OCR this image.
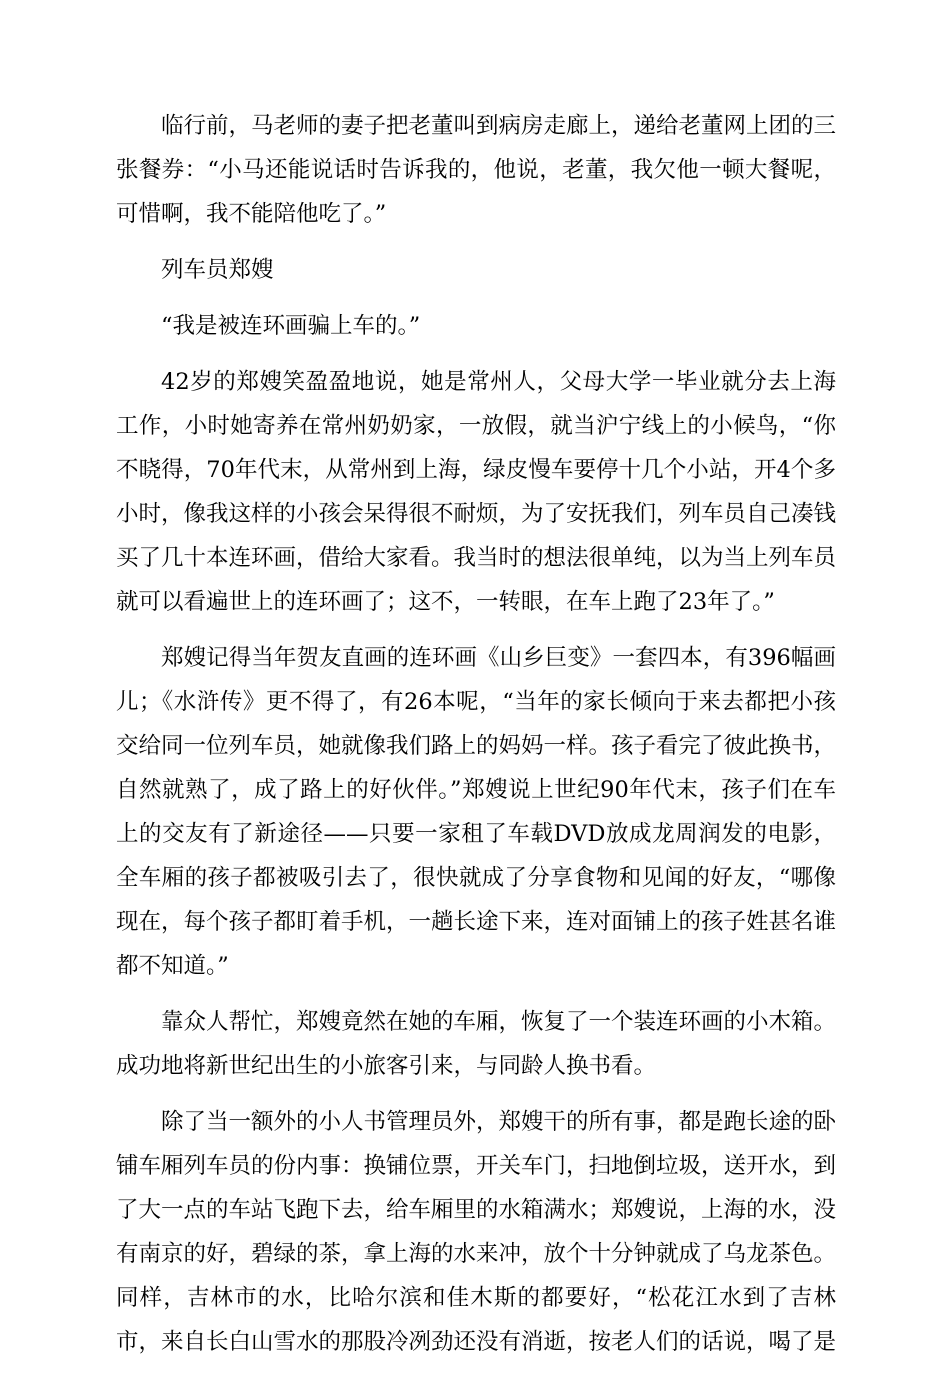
临行前，马老师的妻子把老董叫到病房走廊上，递给老董网上团的三张餐券：“小马还能说话时告诉我的，他说，老董，我欠他一顿大餐呢，可惜啊，我不能陪他吃了。”

列车员郑嫂

“我是被连环画骗上车的。”

42岁的郑嫂笑盈盈地说，她是常州人，父母大学一毕业就分去上海工作，小时她寄养在常州奶奶家，一放假，就当沪宁线上的小候鸟，“你不晓得，70年代末，从常州到上海，绿皮慢车要停十几个小站，开4个多小时，像我这样的小孩会呆得很不耐烦，为了安抚我们，列车员自己凑钱买了几十本连环画，借给大家看。我当时的想法很单纯，以为当上列车员就可以看遍世上的连环画了；这不，一转眼，在车上跑了23年了。”

郑嫂记得当年贺友直画的连环画《山乡巨变》一套四本，有396幅画儿；《水浒传》更不得了，有26本呢，“当年的家长倾向于来去都把小孩交给同一位列车员，她就像我们路上的妈妈一样。孩子看完了彼此换书，自然就熟了，成了路上的好伙伴。”郑嫂说上世纪90年代末，孩子们在车上的交友有了新途径——只要一家租了车载DVD放成龙周润发的电影，全车厢的孩子都被吸引去了，很快就成了分享食物和见闻的好友，“哪像现在，每个孩子都盯着手机，一趟长途下来，连对面铺上的孩子姓甚名谁都不知道。”

靠众人帮忙，郑嫂竟然在她的车厢，恢复了一个装连环画的小木箱。成功地将新世纪出生的小旅客引来，与同龄人换书看。

除了当一额外的小人书管理员外，郑嫂干的所有事，都是跑长途的卧铺车厢列车员的份内事：换铺位票，开关车门，扫地倒垃圾，送开水，到了大一点的车站飞跑下去，给车厢里的水箱满水；郑嫂说，上海的水，没有南京的好，碧绿的茶，拿上海的水来冲，放个十分钟就成了乌龙茶色。同样，吉林市的水，比哈尔滨和佳木斯的都要好，“松花江水到了吉林市，来自长白山雪水的那股冷冽劲还没有消逝，按老人们的话说，喝了是
